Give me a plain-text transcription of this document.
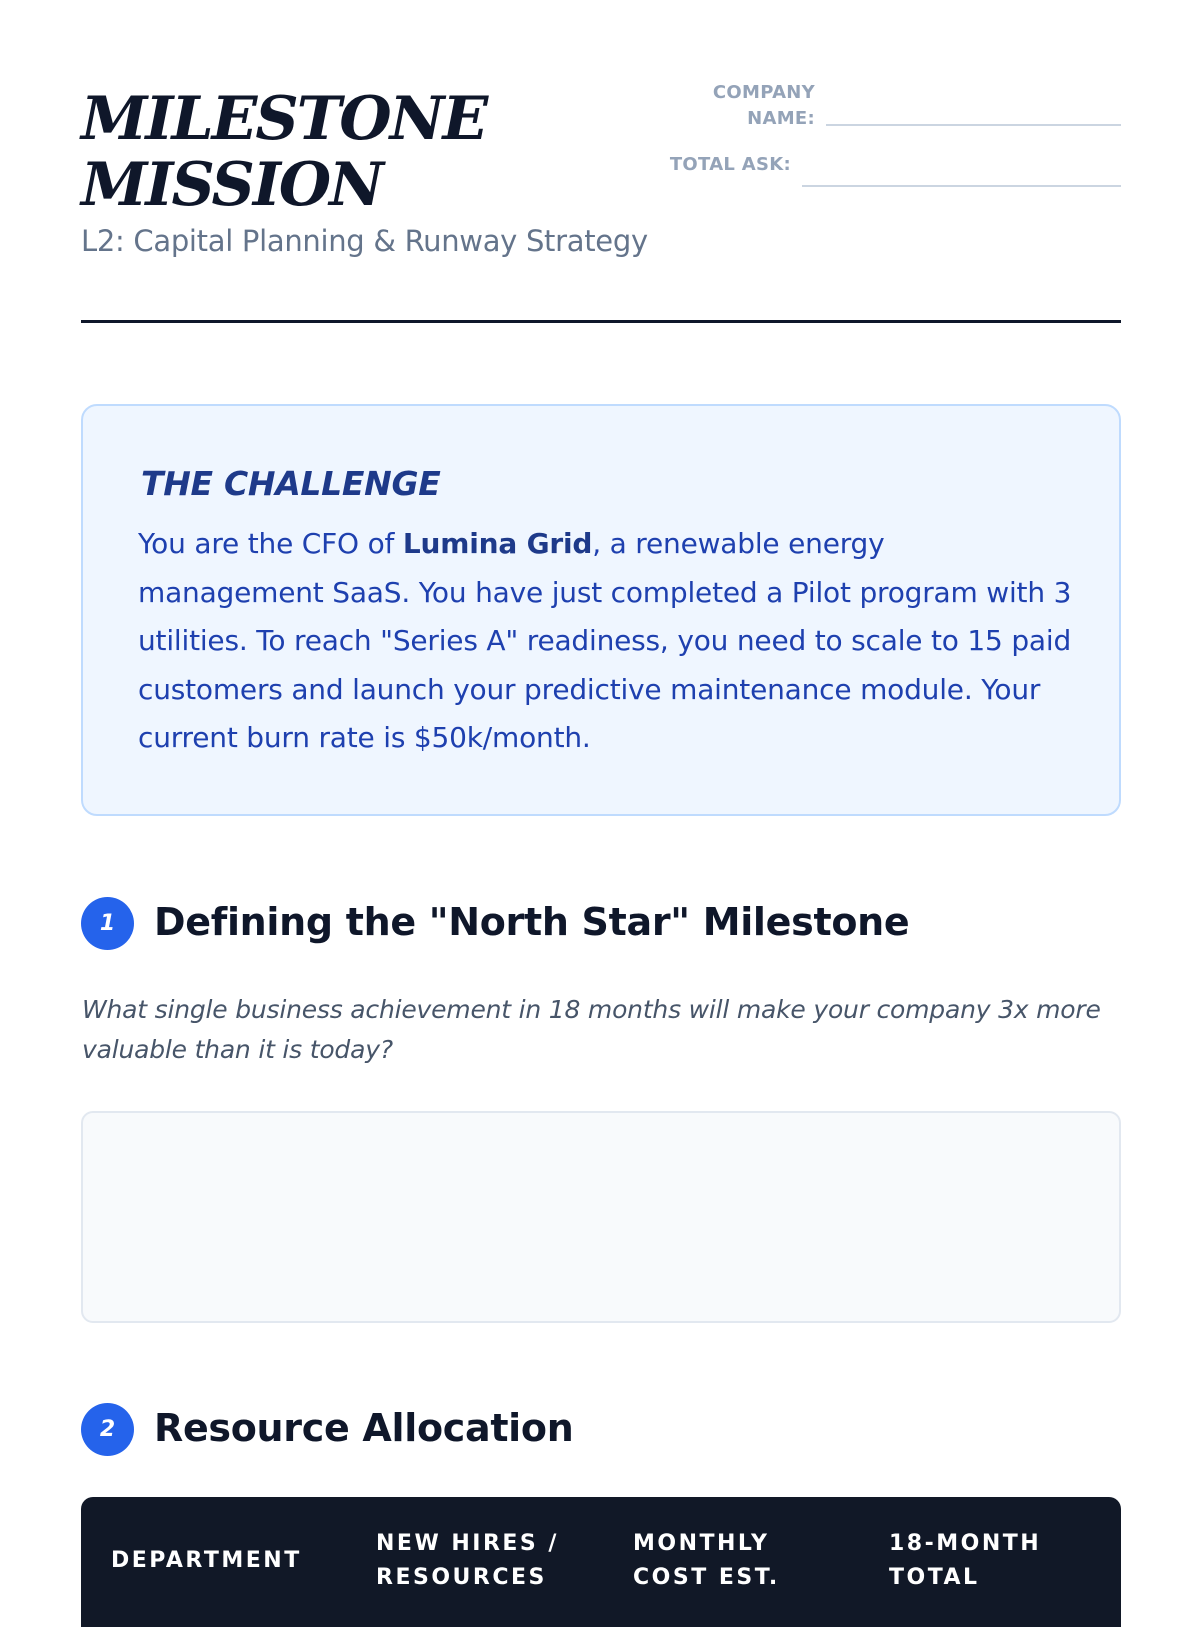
MILESTONE
MISSION

L2: Capital Planning & Runway Strategy

COMPANY
NAME:
TOTAL ASK:
THE CHALLENGE

You are the CFO of Lumina Grid, a renewable energy management SaaS. You have just completed a Pilot program with 3 utilities. To reach "Series A" readiness, you need to scale to 15 paid customers and launch your predictive maintenance module. Your current burn rate is $50k/month.

1	Defining the "North Star" Milestone

What single business achievement in 18 months will make your company 3x more valuable than it is today?

2	Resource Allocation
DEPARTMENT
NEW HIRES /
RESOURCES
MONTHLY
COST EST.
18-MONTH
TOTAL
